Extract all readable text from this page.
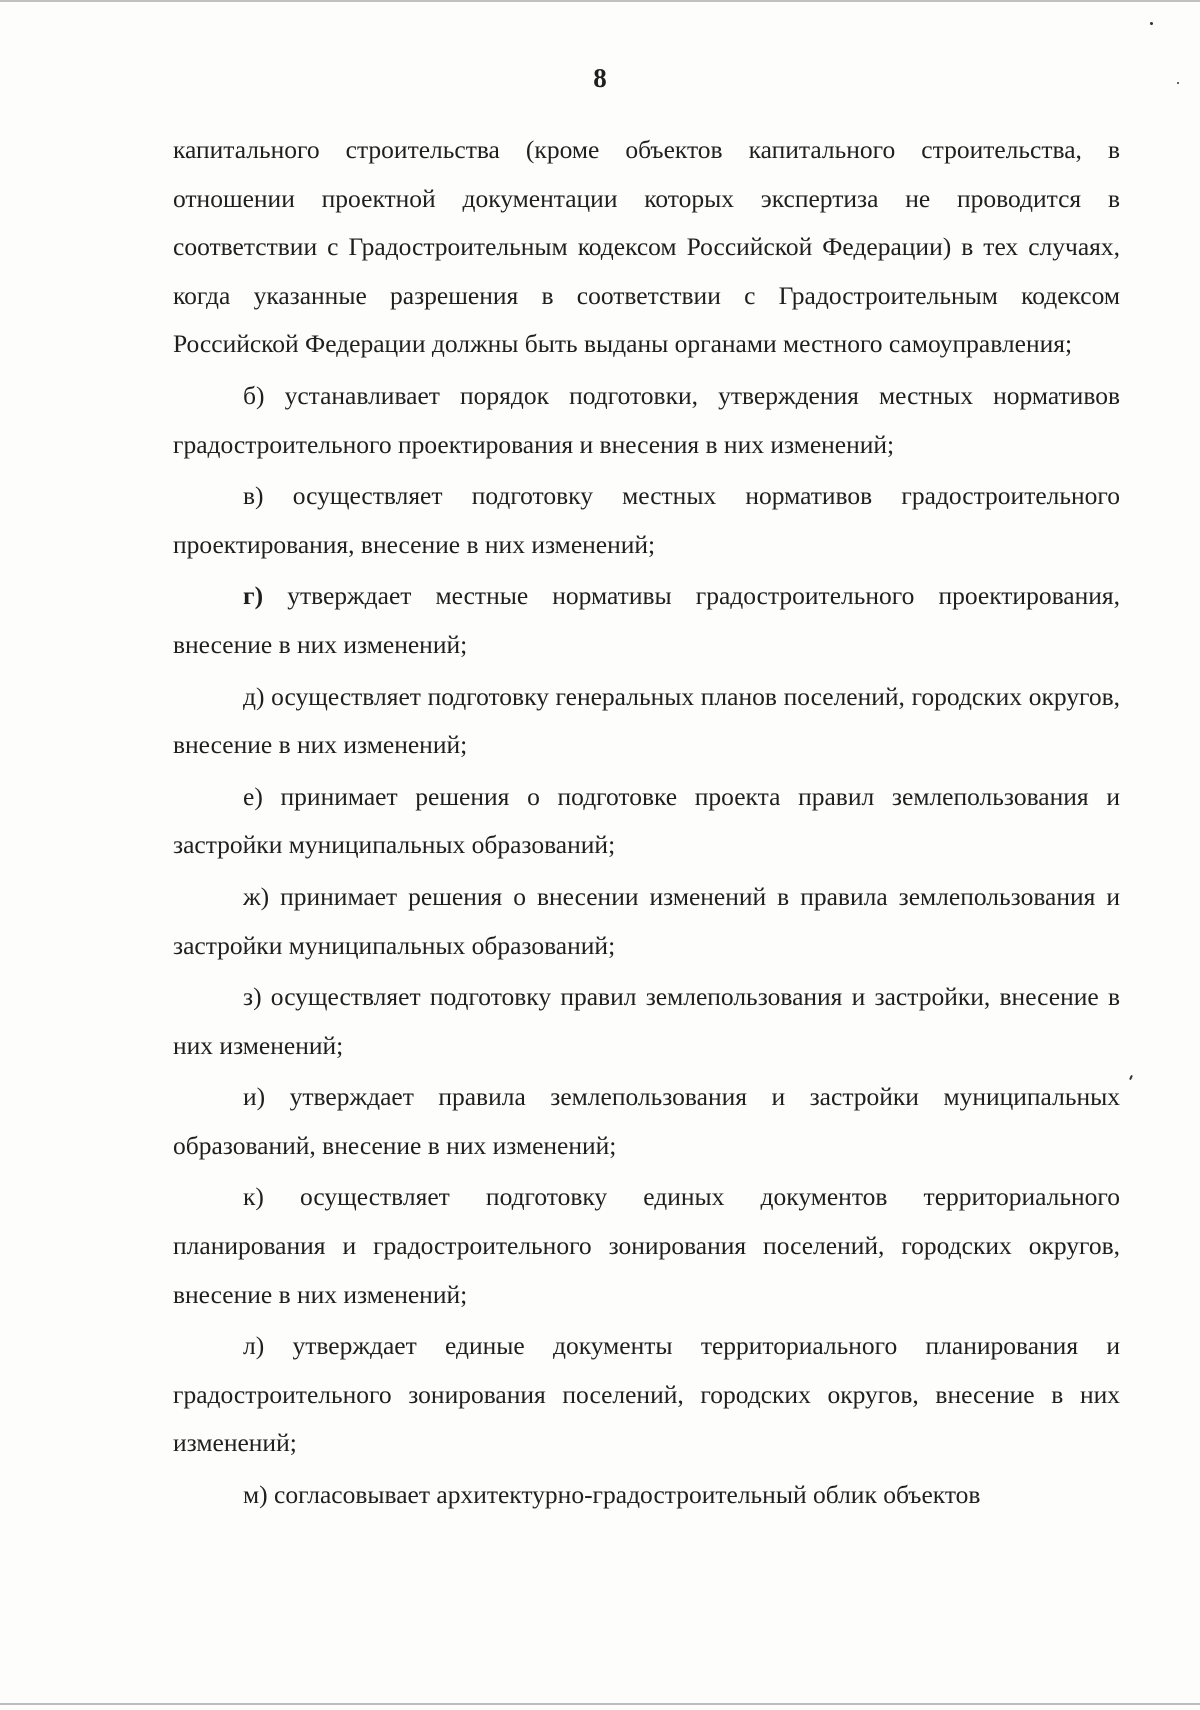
8

капитального строительства (кроме объектов капитального строительства, в отношении проектной документации которых экспертиза не проводится в соответствии с Градостроительным кодексом Российской Федерации) в тех случаях, когда указанные разрешения в соответствии с Градостроительным кодексом Российской Федерации должны быть выданы органами местного самоуправления;

б) устанавливает порядок подготовки, утверждения местных нормативов градостроительного проектирования и внесения в них изменений;

в) осуществляет подготовку местных нормативов градостроительного проектирования, внесение в них изменений;

г) утверждает местные нормативы градостроительного проектирования, внесение в них изменений;

д) осуществляет подготовку генеральных планов поселений, городских округов, внесение в них изменений;

е) принимает решения о подготовке проекта правил землепользования и застройки муниципальных образований;

ж) принимает решения о внесении изменений в правила землепользования и застройки муниципальных образований;

з) осуществляет подготовку правил землепользования и застройки, внесение в них изменений;

и) утверждает правила землепользования и застройки муниципальных образований, внесение в них изменений;

к) осуществляет подготовку единых документов территориального планирования и градостроительного зонирования поселений, городских округов, внесение в них изменений;

л) утверждает единые документы территориального планирования и градостроительного зонирования поселений, городских округов, внесение в них изменений;

м) согласовывает архитектурно-градостроительный облик объектов
